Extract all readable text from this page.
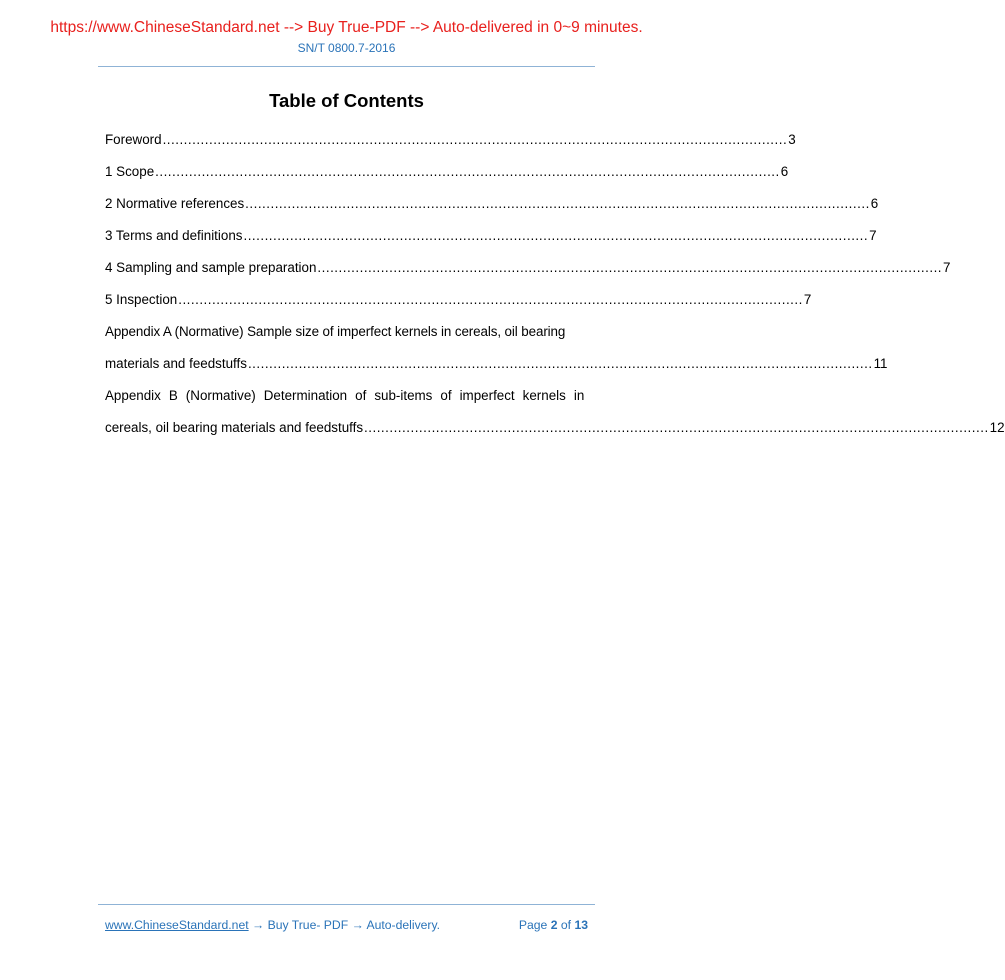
https://www.ChineseStandard.net --> Buy True-PDF --> Auto-delivered in 0~9 minutes.
SN/T 0800.7-2016
Table of Contents
Foreword .................................................................................................................................................... 3
1 Scope .................................................................................................................................................... 6
2 Normative references .................................................................................................................................................... 6
3 Terms and definitions .................................................................................................................................................... 7
4 Sampling and sample preparation .................................................................................................................................................... 7
5 Inspection .................................................................................................................................................... 7
Appendix A (Normative) Sample size of imperfect kernels in cereals, oil bearing
materials and feedstuffs .................................................................................................................................................... 11
Appendix B (Normative) Determination of sub-items of imperfect kernels in
cereals, oil bearing materials and feedstuffs .................................................................................................................................................... 12
www.ChineseStandard.net → Buy True- PDF → Auto-delivery.	Page 2 of 13
